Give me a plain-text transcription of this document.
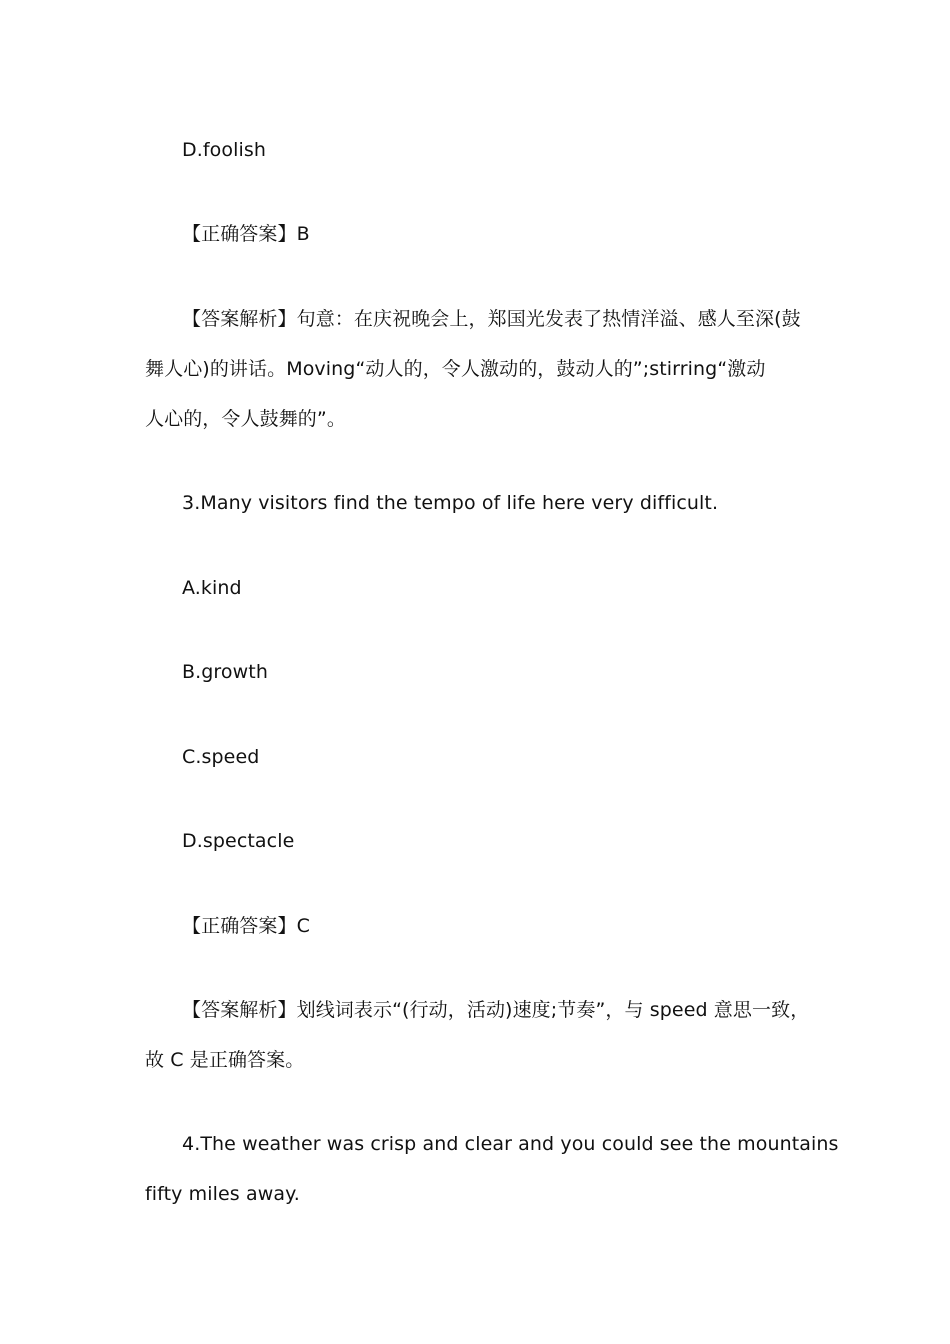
D.foolish
【正确答案】B
【答案解析】句意：在庆祝晚会上，郑国光发表了热情洋溢、感人至深(鼓
舞人心)的讲话。Moving“动人的，令人激动的，鼓动人的”;stirring“激动
人心的，令人鼓舞的”。
3.Many visitors find the tempo of life here very difficult.
A.kind
B.growth
C.speed
D.spectacle
【正确答案】C
【答案解析】划线词表示“(行动，活动)速度;节奏”，与 speed 意思一致，
故 C 是正确答案。
4.The weather was crisp and clear and you could see the mountains
fifty miles away.
